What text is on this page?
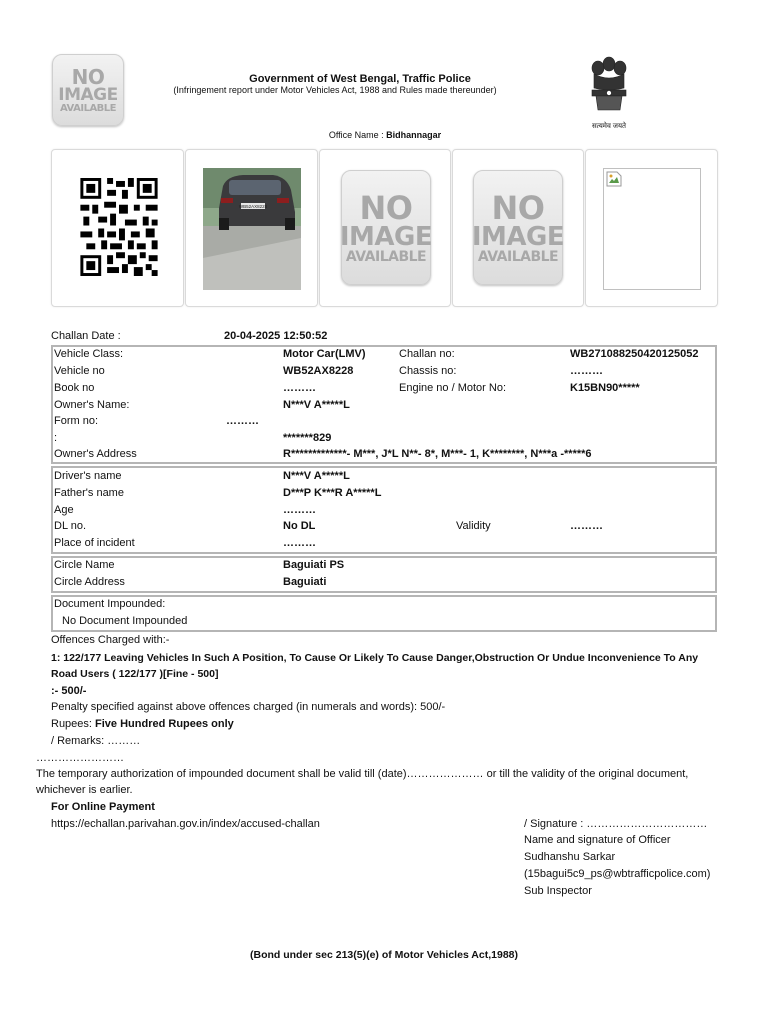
NO
IMAGE
AVAILABLE
Government of West Bengal, Traffic Police
(Infringement report under Motor Vehicles Act, 1988 and Rules made thereunder)
Office Name : Bidhannagar
सत्यमेव जयते
WB52AX8228	NO
IMAGE
AVAILABLE
NO
IMAGE
AVAILABLE
Challan Date :	20-04-2025 12:50:52
Vehicle Class:	Motor Car(LMV)	Challan no:	WB271088250420125052
Vehicle no	WB52AX8228	Chassis no:	………
Book no	………	Engine no / Motor No:	K15BN90*****
Owner's Name:	N***V A*****L
Form no:	………
:	*******829
Owner's Address	R*************- M***, J*L N**- 8*, M***- 1, K********, N***a -*****6
Driver's name	N***V A*****L
Father's name	D***P K***R A*****L
Age	………
DL no.	No DL	Validity	………
Place of incident	………
Circle Name	Baguiati PS
Circle Address	Baguiati
Document Impounded:
No Document Impounded
Offences Charged with:-
1: 122/177 Leaving Vehicles In Such A Position, To Cause Or Likely To Cause Danger,Obstruction Or Undue Inconvenience To Any
Road Users ( 122/177 )[Fine - 500]
:- 500/-
Penalty specified against above offences charged (in numerals and words): 500/-
Rupees: Five Hundred Rupees only
/ Remarks: ………
……………………
The temporary authorization of impounded document shall be valid till (date)………………… or till the validity of the original document,
whichever is earlier.
For Online Payment
https://echallan.parivahan.gov.in/index/accused-challan	/ Signature : ……………………………
Name and signature of Officer
Sudhanshu Sarkar
(15bagui5c9_ps@wbtrafficpolice.com)
Sub Inspector
(Bond under sec 213(5)(e) of Motor Vehicles Act,1988)
